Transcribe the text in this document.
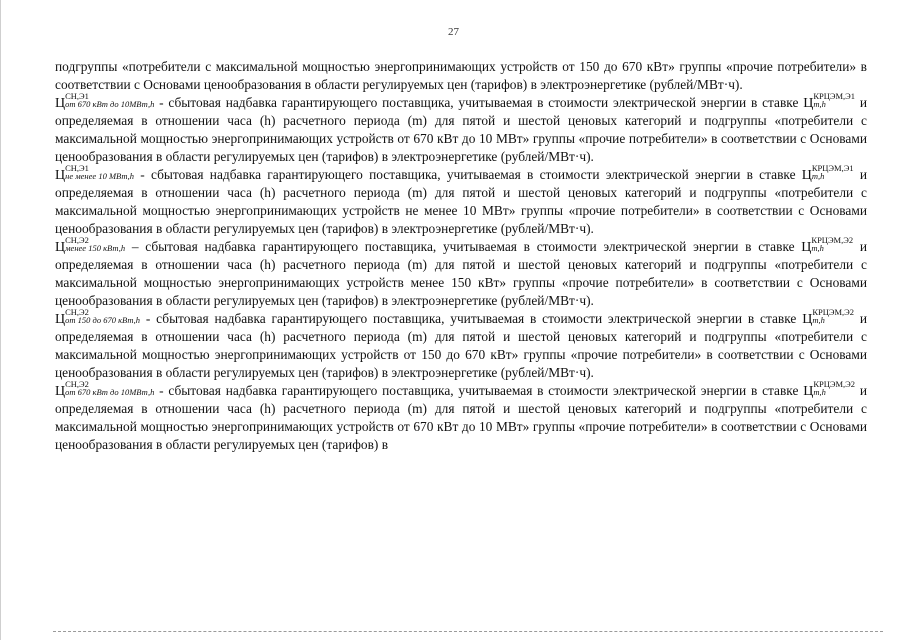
27

подгруппы «потребители с максимальной мощностью энергопринимающих устройств от 150 до 670 кВт» группы «прочие потребители» в соответствии с Основами ценообразования в области регулируемых цен (тарифов) в электроэнергетике (рублей/МВт·ч).

Ц СН,Э1
от 670 кВт до 10МВт,h - сбытовая надбавка гарантирующего поставщика, учитываемая в стоимости электрической энергии в ставке Ц КРЦЭМ,Э1
m,h	и определяемая в отношении часа (h) расчетного периода (m) для пятой и шестой ценовых категорий и подгруппы «потребители с максимальной мощностью энергопринимающих устройств от 670 кВт до 10 МВт» группы «прочие потребители» в соответствии с Основами ценообразования в области регулируемых цен (тарифов) в электроэнергетике (рублей/МВт·ч).

Ц СН,Э1
не менее 10 МВт,h - сбытовая надбавка гарантирующего поставщика, учитываемая в стоимости электрической энергии в ставке Ц КРЦЭМ,Э1
m,h	и определяемая в отношении часа (h) расчетного периода (m) для пятой и шестой ценовых категорий и подгруппы «потребители с максимальной мощностью энергопринимающих устройств не менее 10 МВт» группы «прочие потребители» в соответствии с Основами ценообразования в области регулируемых цен (тарифов) в электроэнергетике (рублей/МВт·ч).

Ц СН,Э2
менее 150 кВт,h – сбытовая надбавка гарантирующего поставщика, учитываемая в стоимости электрической энергии в ставке Ц КРЦЭМ,Э2
m,h	и определяемая в отношении часа (h) расчетного периода (m) для пятой и шестой ценовых категорий и подгруппы «потребители с максимальной мощностью энергопринимающих устройств менее 150 кВт» группы «прочие потребители» в соответствии с Основами ценообразования в области регулируемых цен (тарифов) в электроэнергетике (рублей/МВт·ч).

Ц СН,Э2
от 150 до 670 кВт,h - сбытовая надбавка гарантирующего поставщика, учитываемая в стоимости электрической энергии в ставке Ц КРЦЭМ,Э2
m,h	и определяемая в отношении часа (h) расчетного периода (m) для пятой и шестой ценовых категорий и подгруппы «потребители с максимальной мощностью энергопринимающих устройств от 150 до 670 кВт» группы «прочие потребители» в соответствии с Основами ценообразования в области регулируемых цен (тарифов) в электроэнергетике (рублей/МВт·ч).

Ц СН,Э2
от 670 кВт до 10МВт,h - сбытовая надбавка гарантирующего поставщика, учитываемая в стоимости электрической энергии в ставке Ц КРЦЭМ,Э2
m,h	и определяемая в отношении часа (h) расчетного периода (m) для пятой и шестой ценовых категорий и подгруппы «потребители с максимальной мощностью энергопринимающих устройств от 670 кВт до 10 МВт» группы «прочие потребители» в соответствии с Основами ценообразования в области регулируемых цен (тарифов) в
